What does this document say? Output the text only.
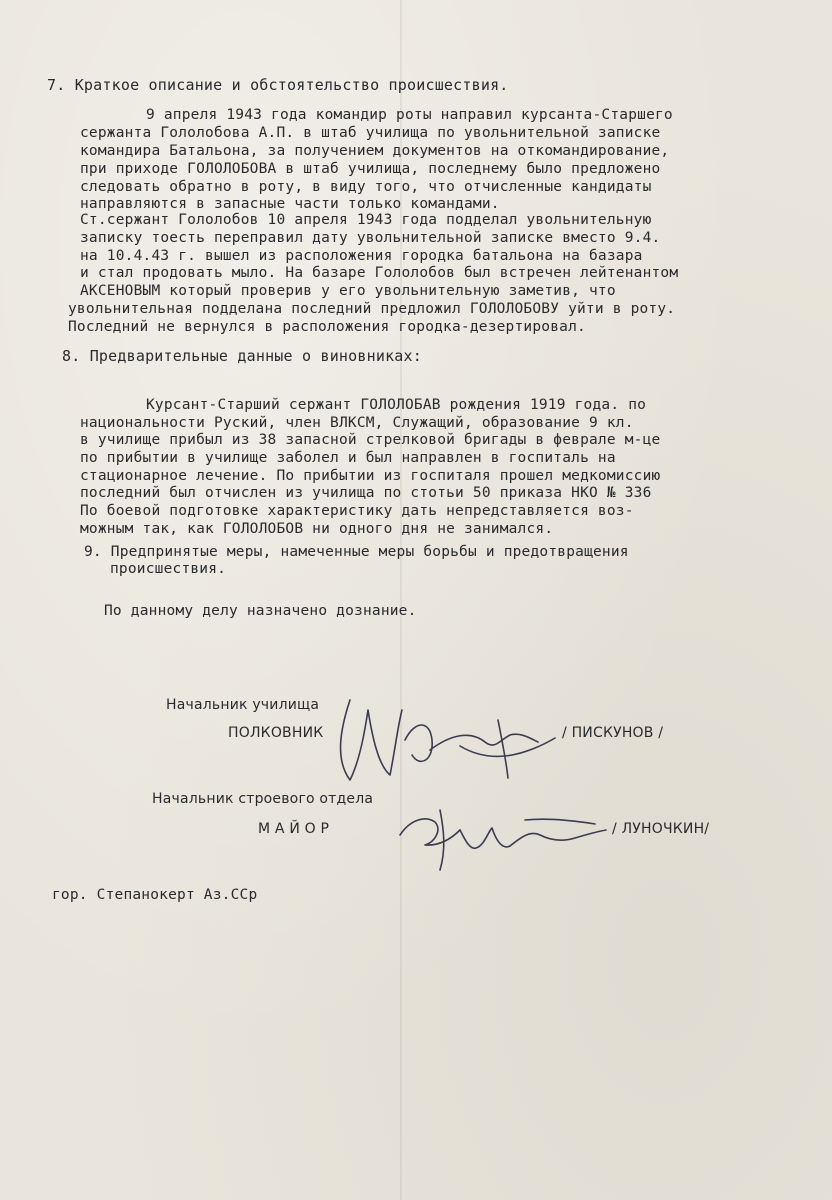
7. Краткое описание и обстоятельство происшествия.
9 апреля 1943 года командир роты направил курсанта-Старшего
сержанта Гололобова А.П. в штаб училища по увольнительной записке
командира Батальона, за получением документов на откомандирование,
при приходе ГОЛОЛОБОВА в штаб училища, последнему было предложено
следовать обратно в роту, в виду того, что отчисленные кандидаты
направляются в запасные части только командами.
Ст.сержант Гололобов 10 апреля 1943 года подделал увольнительную
записку тоесть переправил дату увольнительной записке вместо 9.4.
на 10.4.43 г. вышел из расположения городка батальона на базара
и стал продовать мыло. На базаре Гололобов был встречен лейтенантом
АКСЕНОВЫМ который проверив у его увольнительную заметив, что
увольнительная подделана последний предложил ГОЛОЛОБОВУ уйти в роту.
Последний не вернулся в расположения городка-дезертировал.
8. Предварительные данные о виновниках:
Курсант-Старший сержант ГОЛОЛОБАВ рождения 1919 года. по
национальности Руский, член ВЛКСМ, Служащий, образование 9 кл.
в училище прибыл из 38 запасной стрелковой бригады в феврале м-це
по прибытии в училище заболел и был направлен в госпиталь на
стационарное лечение. По прибытии из госпиталя прошел медкомиссию
последний был отчислен из училища по стотьи 50 приказа НКО № 336
По боевой подготовке характеристику дать непредставляется воз-
можным так, как ГОЛОЛОБОВ ни одного дня не занимался.
9. Предпринятые меры, намеченные меры борьбы и предотвращения
происшествия.
По данному делу назначено дознание.
Начальник училища
ПОЛКОВНИК	/ ПИСКУНОВ /
Начальник строевого отдела
М А Й О Р	/ ЛУНОЧКИН/
гор. Степанокерт Аз.ССр
